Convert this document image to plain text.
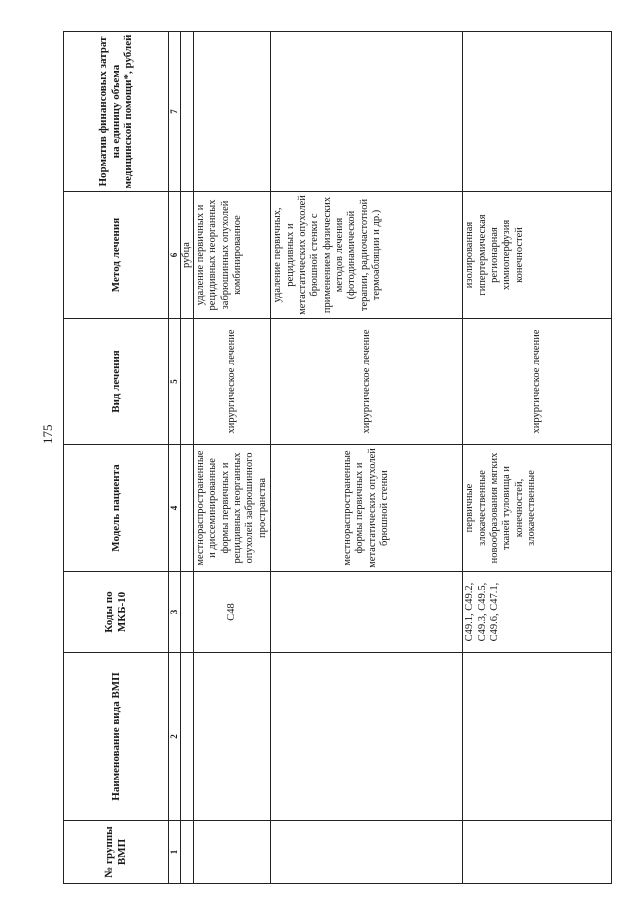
175
№ группы ВМП	Наименование вида ВМП	Коды по МКБ-10	Модель пациента	Вид лечения	Метод лечения	Норматив финансовых затрат на единицу объема медицинской помощи*, рублей
1	2	3	4	5	6	7
					рубца	
		C48	местнораспространенные и диссеминированные формы первичных и рецидивных неорганных опухолей забрюшинного пространства	хирургическое лечение	удаление первичных и рецидивных неорганных забрюшинных опухолей комбинированное	
			местнораспространенные формы первичных и метастатических опухолей брюшной стенки	хирургическое лечение	удаление первичных, рецидивных и метастатических опухолей брюшной стенки с применением физических методов лечения (фотодинамической терапии, радиочастотной термоабляции и др.)	
		C49.1, C49.2, C49.3, C49.5, C49.6, C47.1,	первичные злокачественные новообразования мягких тканей туловища и конечностей, злокачественные	хирургическое лечение	изолированная гипертермическая регионарная химиоперфузия конечностей	
